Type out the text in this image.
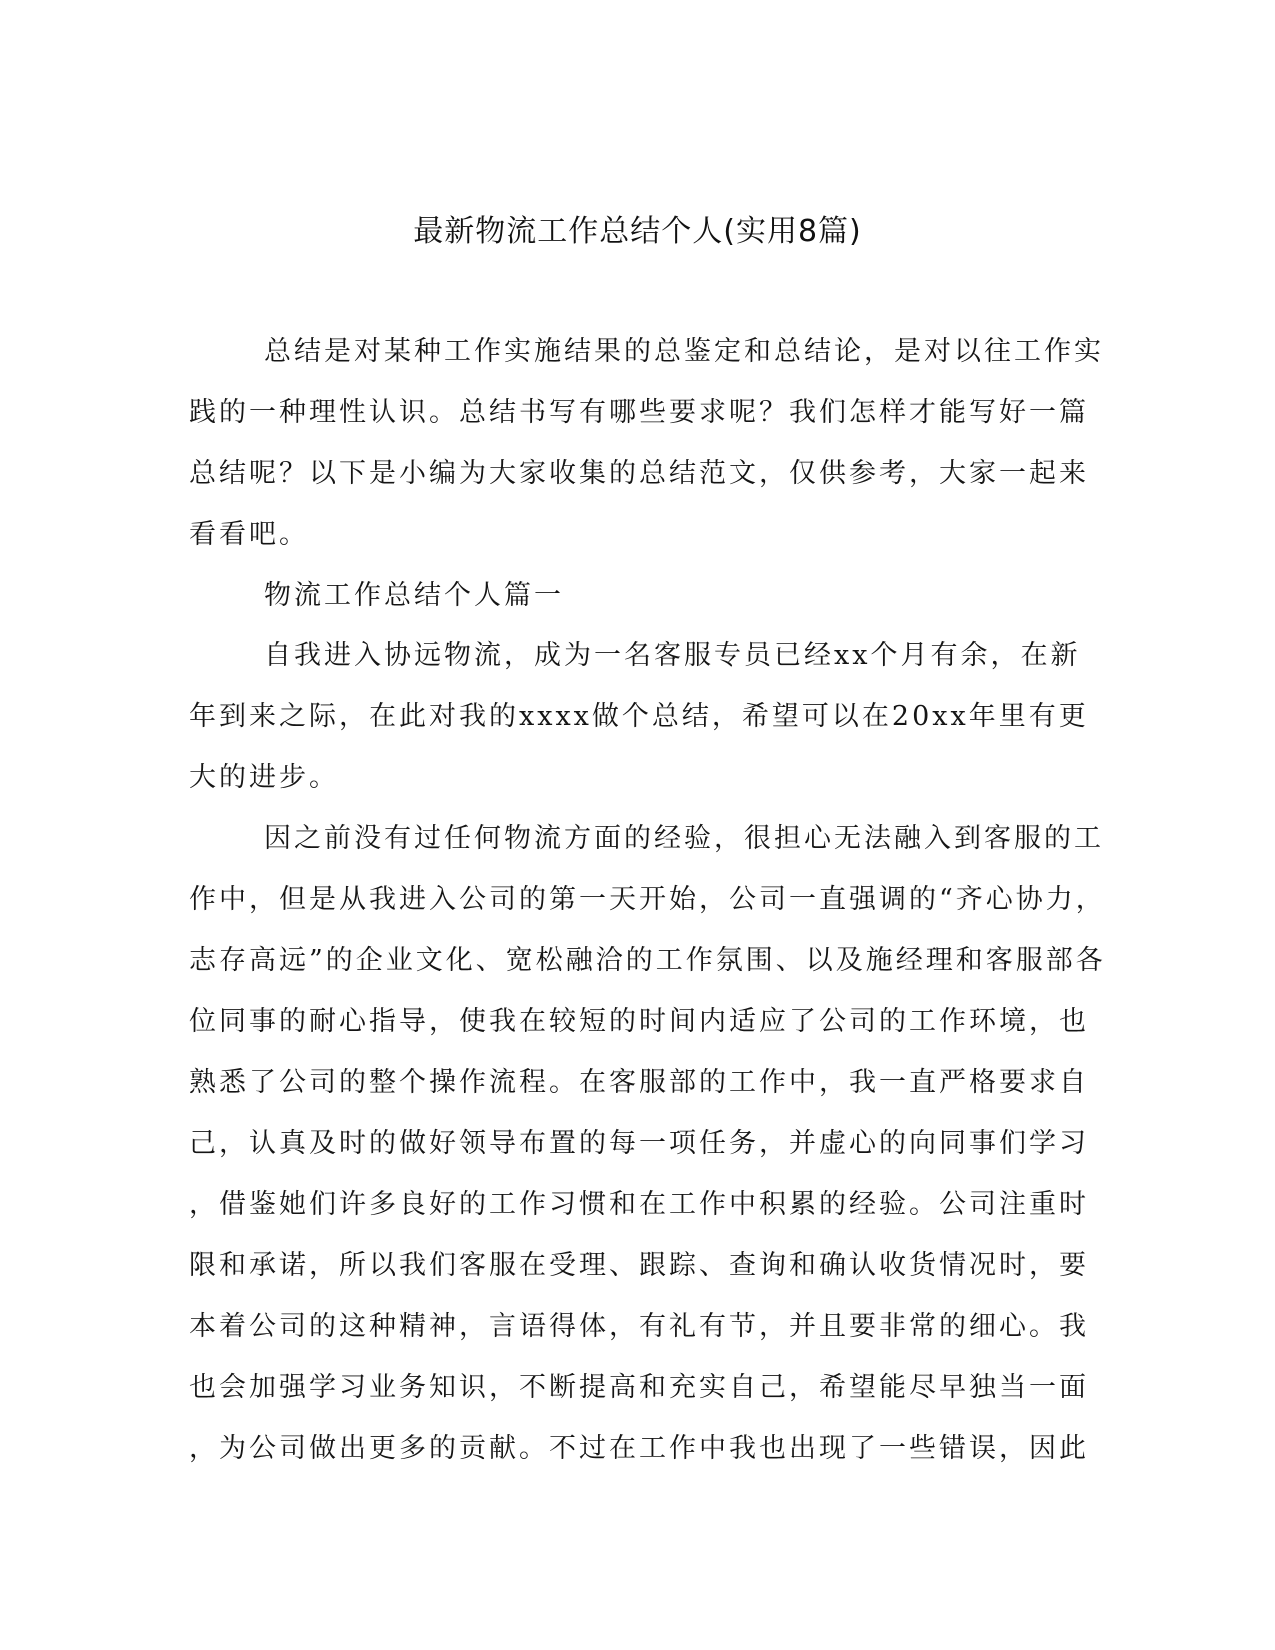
最新物流工作总结个人(实用8篇)
总结是对某种工作实施结果的总鉴定和总结论，是对以往工作实
践的一种理性认识。总结书写有哪些要求呢？我们怎样才能写好一篇
总结呢？以下是小编为大家收集的总结范文，仅供参考，大家一起来
看看吧。
物流工作总结个人篇一
自我进入协远物流，成为一名客服专员已经xx个月有余，在新
年到来之际，在此对我的xxxx做个总结，希望可以在20xx年里有更
大的进步。
因之前没有过任何物流方面的经验，很担心无法融入到客服的工
作中，但是从我进入公司的第一天开始，公司一直强调的“齐心协力，
志存高远”的企业文化、宽松融洽的工作氛围、以及施经理和客服部各
位同事的耐心指导，使我在较短的时间内适应了公司的工作环境，也
熟悉了公司的整个操作流程。在客服部的工作中，我一直严格要求自
己，认真及时的做好领导布置的每一项任务，并虚心的向同事们学习
，借鉴她们许多良好的工作习惯和在工作中积累的经验。公司注重时
限和承诺，所以我们客服在受理、跟踪、查询和确认收货情况时，要
本着公司的这种精神，言语得体，有礼有节，并且要非常的细心。我
也会加强学习业务知识，不断提高和充实自己，希望能尽早独当一面
，为公司做出更多的贡献。不过在工作中我也出现了一些错误，因此
